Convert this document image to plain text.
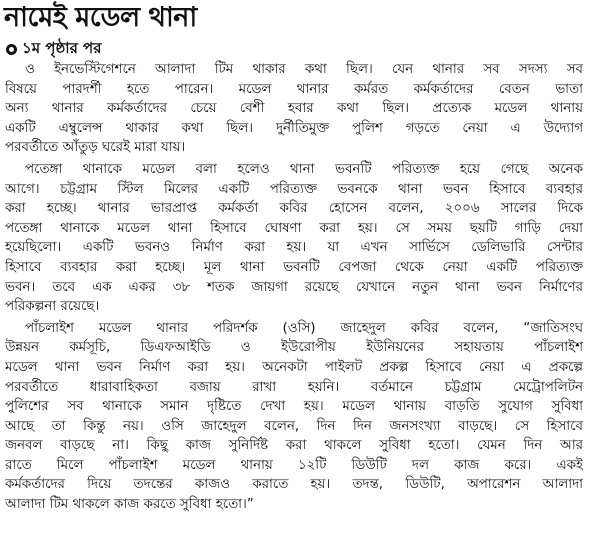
নামেই মডেল থানা
১ম পৃষ্ঠার পর
ও ইনভেস্টিগেশনে আলাদা টিম থাকার কথা ছিল। যেন থানার সব সদস্য সব
বিষয়ে পারদর্শী হতে পারেন। মডেল থানার কর্মরত কর্মকর্তাদের বেতন ভাতা
অন্য থানার কর্মকর্তাদের চেয়ে বেশী হবার কথা ছিল। প্রত্যেক মডেল থানায়
একটি এম্বুলেন্স থাকার কথা ছিল। দুর্নীতিমুক্ত পুলিশ গড়তে নেয়া এ উদ্যোগ
পরবর্তীতে আঁতুড় ঘরেই মারা যায়।
পতেঙ্গা থানাকে মডেল বলা হলেও থানা ভবনটি পরিত্যক্ত হয়ে গেছে অনেক
আগে। চট্টগ্রাম স্টিল মিলের একটি পরিত্যক্ত ভবনকে থানা ভবন হিসাবে ব্যবহার
করা হচ্ছে। থানার ভারপ্রাপ্ত কর্মকর্তা কবির হোসেন বলেন, ২০০৬ সালের দিকে
পতেঙ্গা থানাকে মডেল থানা হিসাবে ঘোষণা করা হয়। সে সময় ছয়টি গাড়ি দেয়া
হয়েছিলো। একটি ভবনও নির্মাণ করা হয়। যা এখন সার্ভিসে ডেলিভারি সেন্টার
হিসাবে ব্যবহার করা হচ্ছে। মূল থানা ভবনটি বেপজা থেকে নেয়া একটি পরিত্যক্ত
ভবন। তবে এক একর ৩৮ শতক জায়গা রয়েছে যেখানে নতুন থানা ভবন নির্মাণের
পরিকল্পনা রয়েছে।
পাঁচলাইশ মডেল থানার পরিদর্শক (ওসি) জাহেদুল কবির বলেন, “জাতিসংঘ
উন্নয়ন কর্মসূচি, ডিএফআইডি ও ইউরোপীয় ইউনিয়নের সহায়তায় পাঁচলাইশ
মডেল থানা ভবন নির্মাণ করা হয়। অনেকটা পাইলট প্রকল্প হিসাবে নেয়া এ প্রকল্পে
পরবর্তীতে ধারাবাহিকতা বজায় রাখা হয়নি। বর্তমানে চট্টগ্রাম মেট্রোপলিটন
পুলিশের সব থানাকে সমান দৃষ্টিতে দেখা হয়। মডেল থানায় বাড়তি সুযোগ সুবিধা
আছে তা কিন্তু নয়। ওসি জাহেদুল বলেন, দিন দিন জনসংখ্যা বাড়ছে। সে হিসাবে
জনবল বাড়ছে না। কিছু কাজ সুনির্দিষ্ট করা থাকলে সুবিধা হতো। যেমন দিন আর
রাতে মিলে পাঁচলাইশ মডেল থানায় ১২টি ডিউটি দল কাজ করে। একই
কর্মকর্তাদের দিয়ে তদন্তের কাজও করাতে হয়। তদন্ত, ডিউটি, অপারেশন আলাদা
আলাদা টিম থাকলে কাজ করতে সুবিধা হতো।”
